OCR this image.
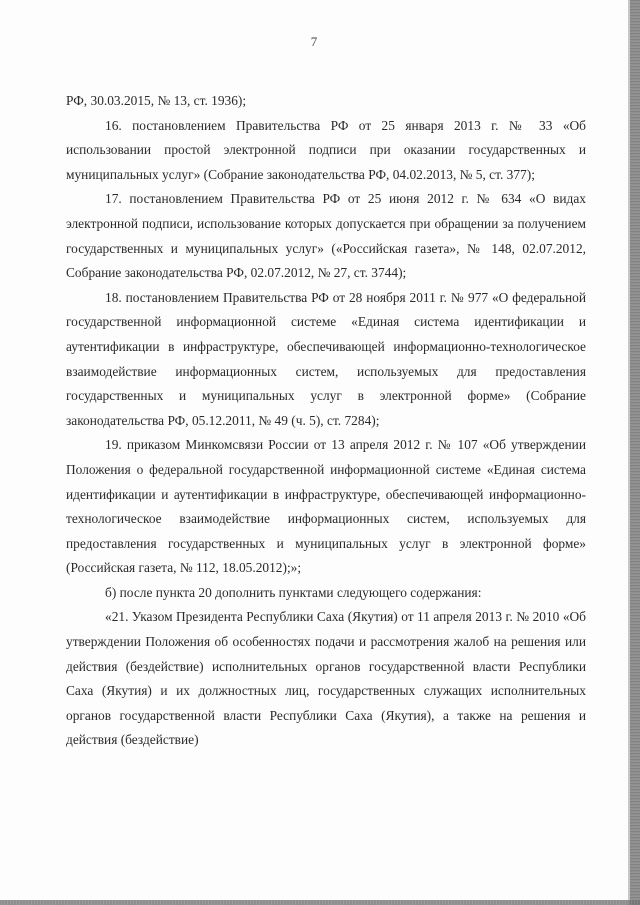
7

РФ, 30.03.2015, № 13, ст. 1936);

16. постановлением Правительства РФ от 25 января 2013 г. № 33 «Об использовании простой электронной подписи при оказании государственных и муниципальных услуг» (Собрание законодательства РФ, 04.02.2013, № 5, ст. 377);

17. постановлением Правительства РФ от 25 июня 2012 г. № 634 «О видах электронной подписи, использование которых допускается при обращении за получением государственных и муниципальных услуг» («Российская газета», № 148, 02.07.2012, Собрание законодательства РФ, 02.07.2012, № 27, ст. 3744);

18. постановлением Правительства РФ от 28 ноября 2011 г. № 977 «О федеральной государственной информационной системе «Единая система идентификации и аутентификации в инфраструктуре, обеспечивающей информационно-технологическое взаимодействие информационных систем, используемых для предоставления государственных и муниципальных услуг в электронной форме» (Собрание законодательства РФ, 05.12.2011, № 49 (ч. 5), ст. 7284);

19. приказом Минкомсвязи России от 13 апреля 2012 г. № 107 «Об утверждении Положения о федеральной государственной информационной системе «Единая система идентификации и аутентификации в инфраструктуре, обеспечивающей информационно-технологическое взаимодействие информационных систем, используемых для предоставления государственных и муниципальных услуг в электронной форме» (Российская газета, № 112, 18.05.2012);»;

б) после пункта 20 дополнить пунктами следующего содержания:

«21. Указом Президента Республики Саха (Якутия) от 11 апреля 2013 г. № 2010 «Об утверждении Положения об особенностях подачи и рассмотрения жалоб на решения или действия (бездействие) исполнительных органов государственной власти Республики Саха (Якутия) и их должностных лиц, государственных служащих исполнительных органов государственной власти Республики Саха (Якутия), а также на решения и действия (бездействие)
